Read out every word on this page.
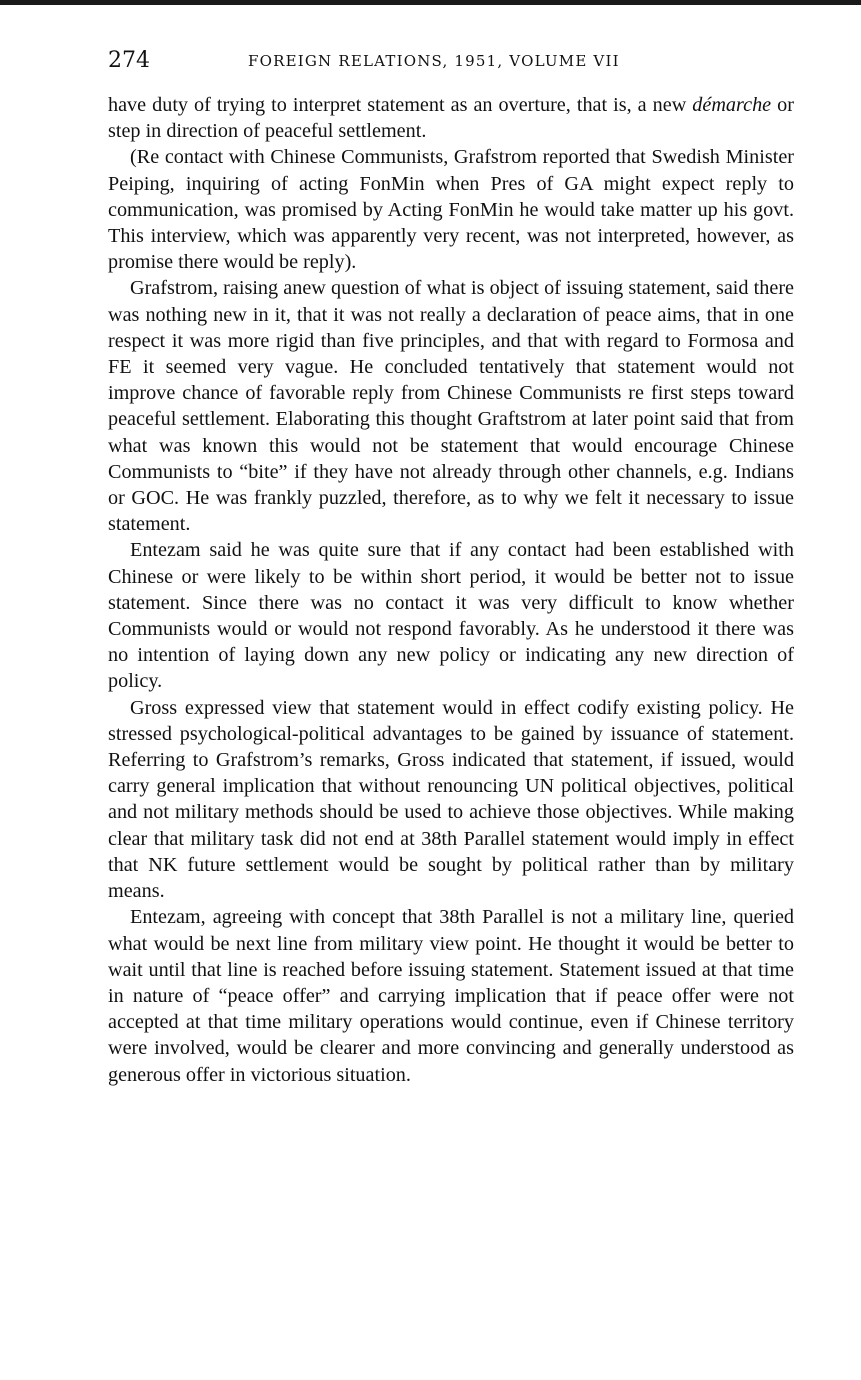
274	FOREIGN RELATIONS, 1951, VOLUME VII

have duty of trying to interpret statement as an overture, that is, a new démarche or step in direction of peaceful settlement.

(Re contact with Chinese Communists, Grafstrom reported that Swedish Minister Peiping, inquiring of acting FonMin when Pres of GA might expect reply to communication, was promised by Acting FonMin he would take matter up his govt. This interview, which was apparently very recent, was not interpreted, however, as promise there would be reply).

Grafstrom, raising anew question of what is object of issuing statement, said there was nothing new in it, that it was not really a declaration of peace aims, that in one respect it was more rigid than five principles, and that with regard to Formosa and FE it seemed very vague. He concluded tentatively that statement would not improve chance of favorable reply from Chinese Communists re first steps toward peaceful settlement. Elaborating this thought Graftstrom at later point said that from what was known this would not be statement that would encourage Chinese Communists to “bite” if they have not already through other channels, e.g. Indians or GOC. He was frankly puzzled, therefore, as to why we felt it necessary to issue statement.

Entezam said he was quite sure that if any contact had been established with Chinese or were likely to be within short period, it would be better not to issue statement. Since there was no contact it was very difficult to know whether Communists would or would not respond favorably. As he understood it there was no intention of laying down any new policy or indicating any new direction of policy.

Gross expressed view that statement would in effect codify existing policy. He stressed psychological-political advantages to be gained by issuance of statement. Referring to Grafstrom’s remarks, Gross indicated that statement, if issued, would carry general implication that without renouncing UN political objectives, political and not military methods should be used to achieve those objectives. While making clear that military task did not end at 38th Parallel statement would imply in effect that NK future settlement would be sought by political rather than by military means.

Entezam, agreeing with concept that 38th Parallel is not a military line, queried what would be next line from military view point. He thought it would be better to wait until that line is reached before issuing statement. Statement issued at that time in nature of “peace offer” and carrying implication that if peace offer were not accepted at that time military operations would continue, even if Chinese territory were involved, would be clearer and more convincing and generally understood as generous offer in victorious situation.
